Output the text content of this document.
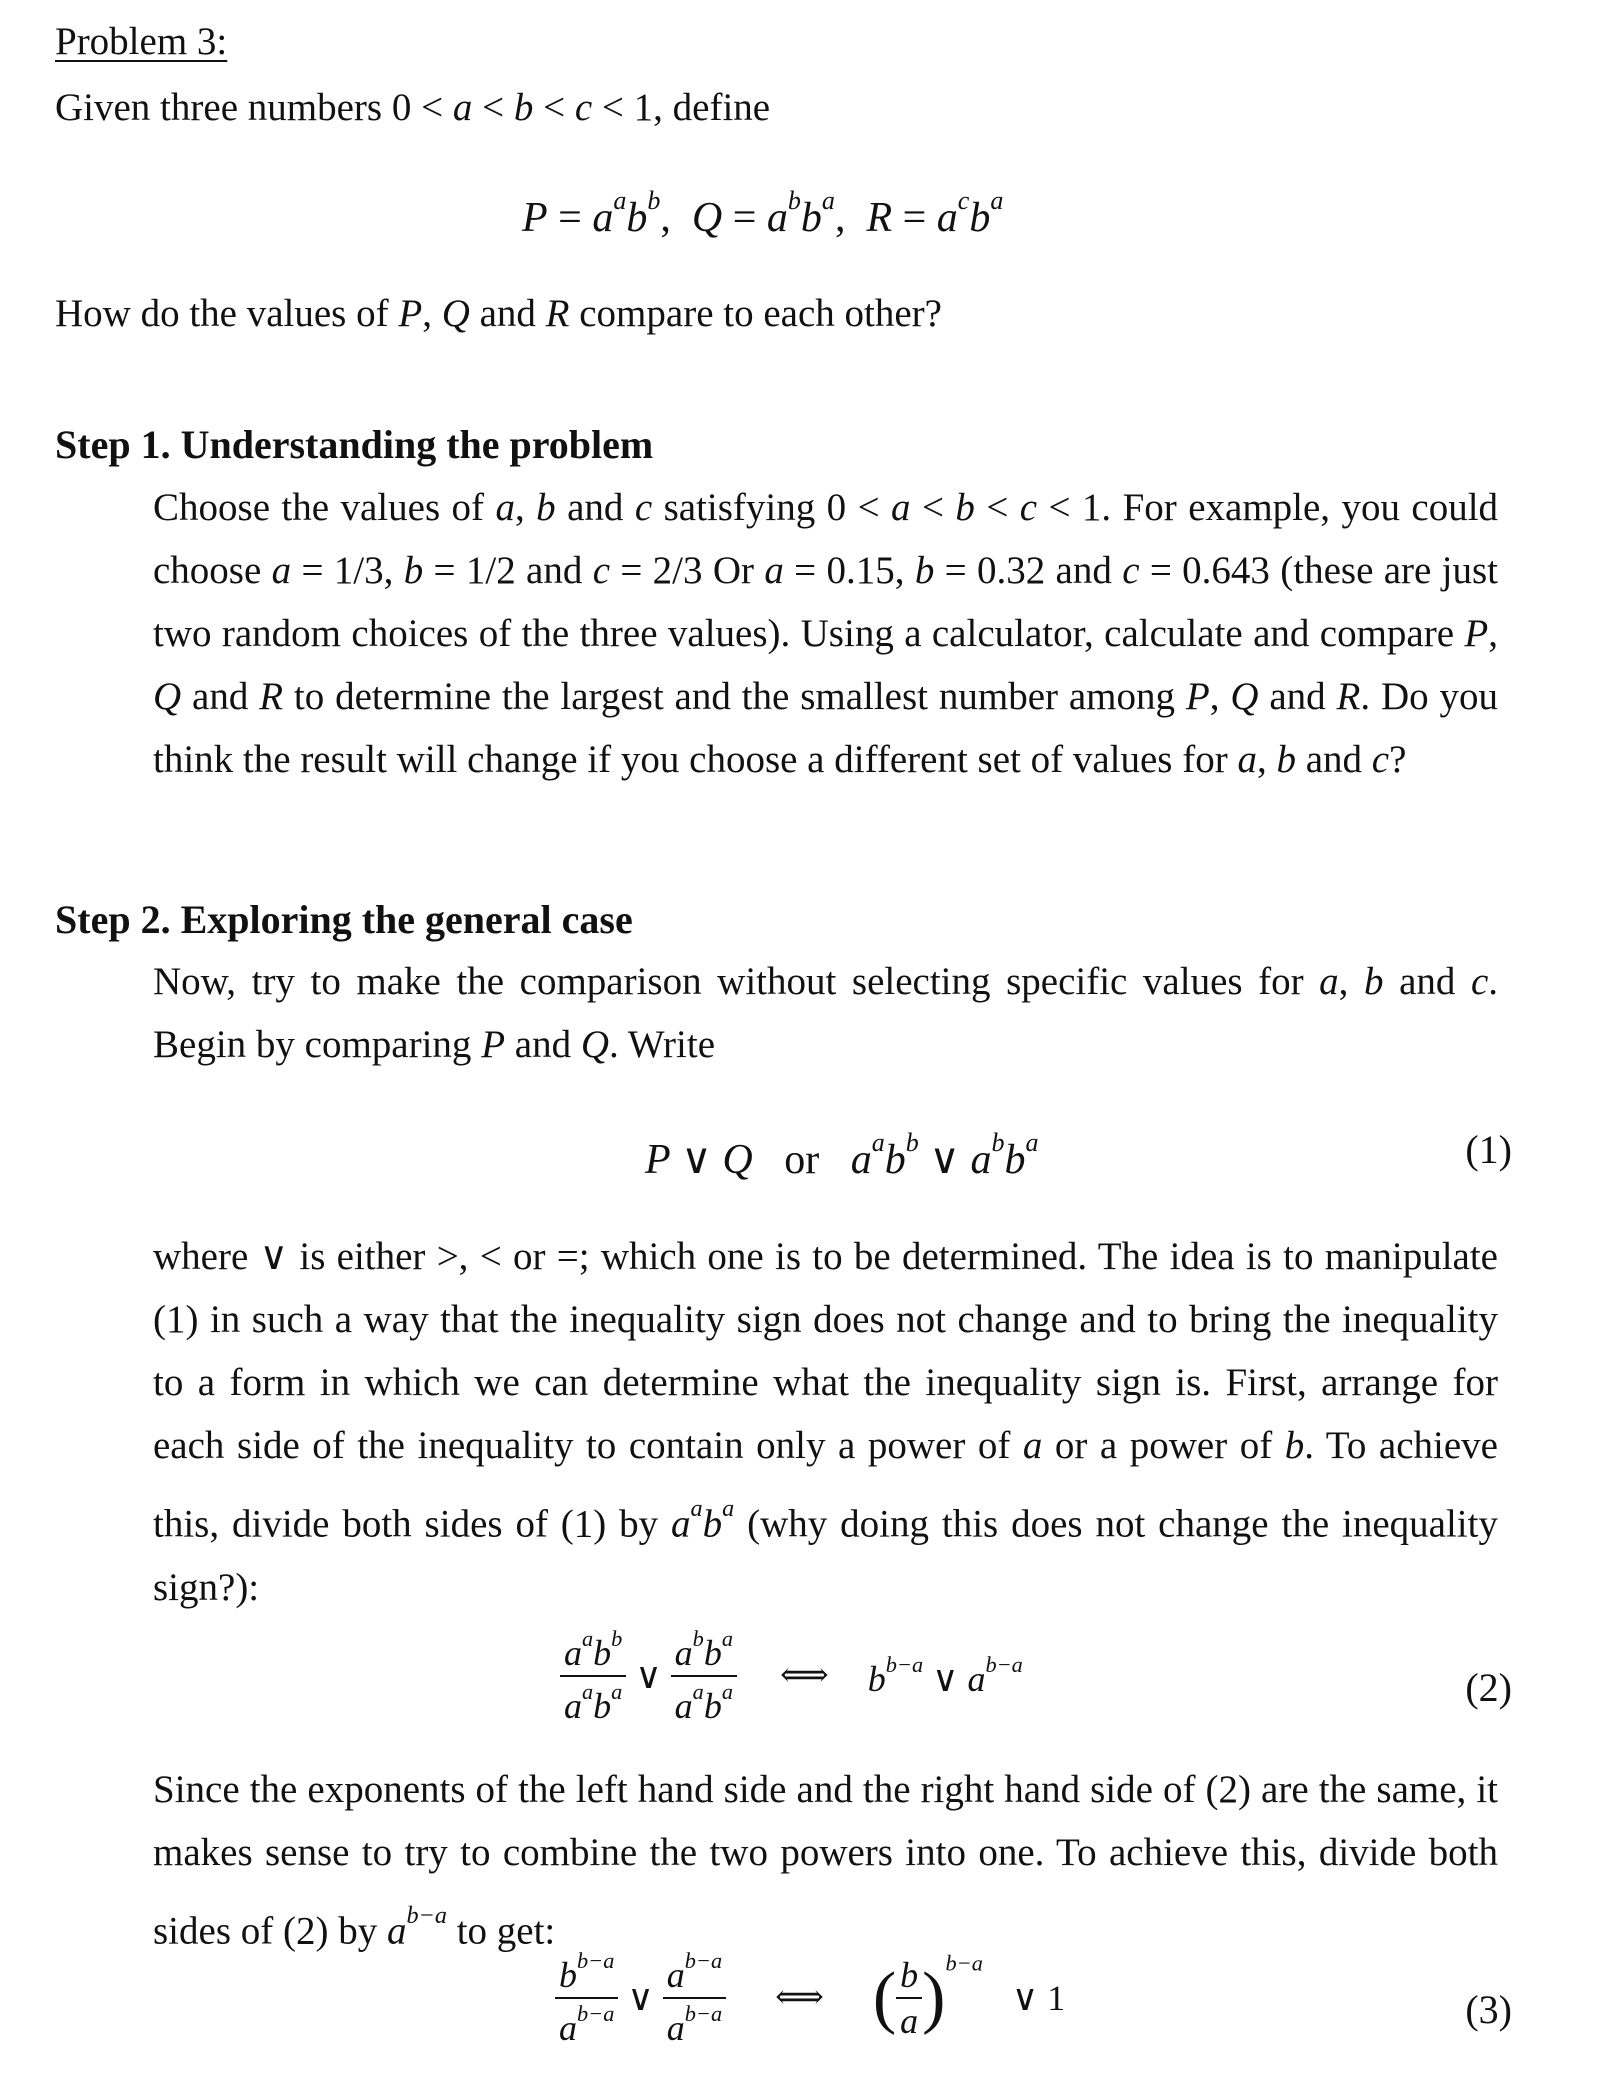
Problem 3:
Given three numbers 0 < a < b < c < 1, define
$P = a^ab^b$,  $Q = a^bb^a$,  $R = a^cb^a$
How do the values of P, Q and R compare to each other?
Step 1. Understanding the problem
Choose the values of a, b and c satisfying 0 < a < b < c < 1. For example, you could choose a = 1/3, b = 1/2 and c = 2/3 Or a = 0.15, b = 0.32 and c = 0.643 (these are just two random choices of the three values). Using a calculator, calculate and compare P, Q and R to determine the largest and the smallest number among P, Q and R. Do you think the result will change if you choose a different set of values for a, b and c?
Step 2. Exploring the general case
Now, try to make the comparison without selecting specific values for a, b and c. Begin by comparing P and Q. Write
P ∨ Q   or   $a^ab^b$ ∨ $a^bb^a$	(1)
where ∨ is either >, < or =; which one is to be determined. The idea is to manipulate (1) in such a way that the inequality sign does not change and to bring the inequality to a form in which we can determine what the inequality sign is. First, arrange for each side of the inequality to contain only a power of a or a power of b. To achieve this, divide both sides of (1) by $a^ab^a$ (why doing this does not change the inequality sign?):
$\frac{a^ab^b}{a^ab^a}$ ∨ $\frac{a^bb^a}{a^ab^a}$ ⟺ $b^{b-a}$ ∨ $a^{b-a}$
(2)
Since the exponents of the left hand side and the right hand side of (2) are the same, it makes sense to try to combine the two powers into one. To achieve this, divide both sides of (2) by $a^{b-a}$ to get:
$\frac{b^{b-a}}{a^{b-a}}$ ∨ $\frac{a^{b-a}}{a^{b-a}}$ ⟺ ( $\frac{b}{a} )^{b-a}$ ∨ 1	(3)
